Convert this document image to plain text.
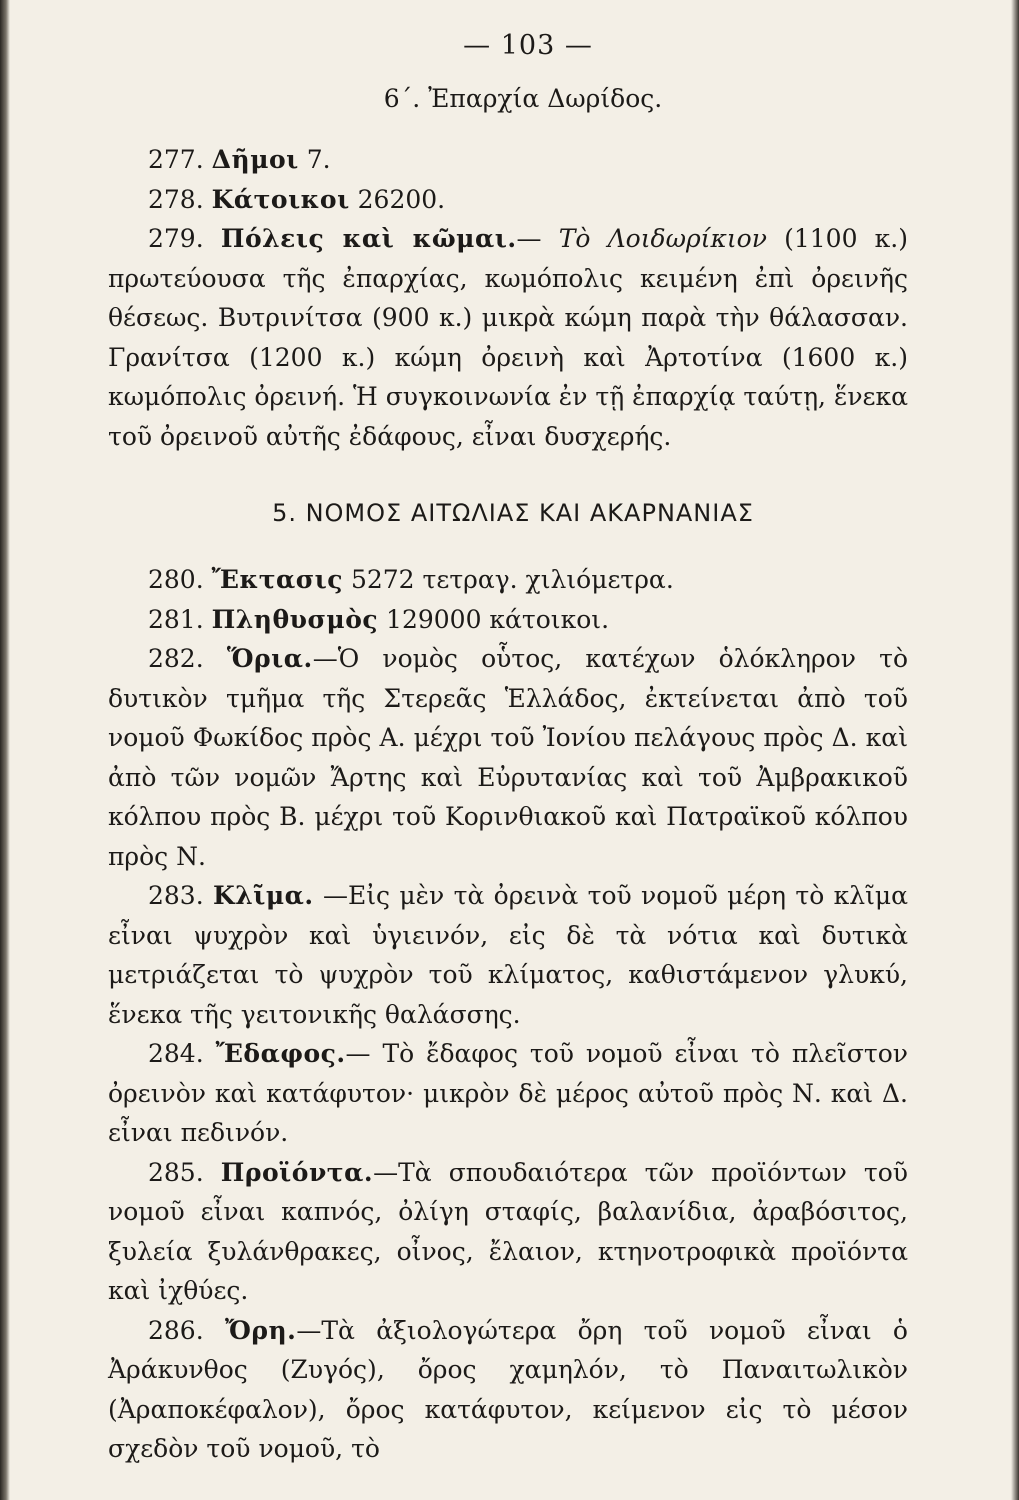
— 103 —
6΄. Ἐπαρχία Δωρίδος.

277. Δῆμοι 7.

278. Κάτοικοι 26200.

279. Πόλεις καὶ κῶμαι.— Τὸ Λοιδωρίκιον (1100 κ.) πρωτεύουσα τῆς ἐπαρχίας, κωμόπολις κειμένη ἐπὶ ὀρεινῆς θέσεως. Βυτρινίτσα (900 κ.) μικρὰ κώμη παρὰ τὴν θάλασσαν. Γρανίτσα (1200 κ.) κώμη ὀρεινὴ καὶ Ἀρτοτίνα (1600 κ.) κωμόπολις ὀρεινή. Ἡ συγκοινωνία ἐν τῇ ἐπαρχίᾳ ταύτῃ, ἕνεκα τοῦ ὀρεινοῦ αὐτῆς ἐδάφους, εἶναι δυσχερής.

5. ΝΟΜΟΣ ΑΙΤΩΛΙΑΣ ΚΑΙ ΑΚΑΡΝΑΝΙΑΣ

280. Ἔκτασις 5272 τετραγ. χιλιόμετρα.

281. Πληθυσμὸς 129000 κάτοικοι.

282. Ὅρια.—Ὁ νομὸς οὗτος, κατέχων ὁλόκληρον τὸ δυτικὸν τμῆμα τῆς Στερεᾶς Ἑλλάδος, ἐκτείνεται ἀπὸ τοῦ νομοῦ Φωκίδος πρὸς Α. μέχρι τοῦ Ἰονίου πελάγους πρὸς Δ. καὶ ἀπὸ τῶν νομῶν Ἄρτης καὶ Εὐρυτανίας καὶ τοῦ Ἀμβρακικοῦ κόλπου πρὸς Β. μέχρι τοῦ Κορινθιακοῦ καὶ Πατραϊκοῦ κόλπου πρὸς Ν.

283. Κλῖμα. —Εἰς μὲν τὰ ὀρεινὰ τοῦ νομοῦ μέρη τὸ κλῖμα εἶναι ψυχρὸν καὶ ὑγιεινόν, εἰς δὲ τὰ νότια καὶ δυτικὰ μετριάζεται τὸ ψυχρὸν τοῦ κλίματος, καθιστάμενον γλυκύ, ἕνεκα τῆς γειτονικῆς θαλάσσης.

284. Ἔδαφος.— Τὸ ἔδαφος τοῦ νομοῦ εἶναι τὸ πλεῖστον ὀρεινὸν καὶ κατάφυτον· μικρὸν δὲ μέρος αὐτοῦ πρὸς Ν. καὶ Δ. εἶναι πεδινόν.

285. Προϊόντα.—Τὰ σπουδαιότερα τῶν προϊόντων τοῦ νομοῦ εἶναι καπνός, ὀλίγη σταφίς, βαλανίδια, ἀραβόσιτος, ξυλεία ξυλάνθρακες, οἶνος, ἔλαιον, κτηνοτροφικὰ προϊόντα καὶ ἰχθύες.

286. Ὄρη.—Τὰ ἀξιολογώτερα ὄρη τοῦ νομοῦ εἶναι ὁ Ἀράκυνθος (Ζυγός), ὄρος χαμηλόν, τὸ Παναιτωλικὸν (Ἀραποκέφαλον), ὄρος κατάφυτον, κείμενον εἰς τὸ μέσον σχεδὸν τοῦ νομοῦ, τὸ
